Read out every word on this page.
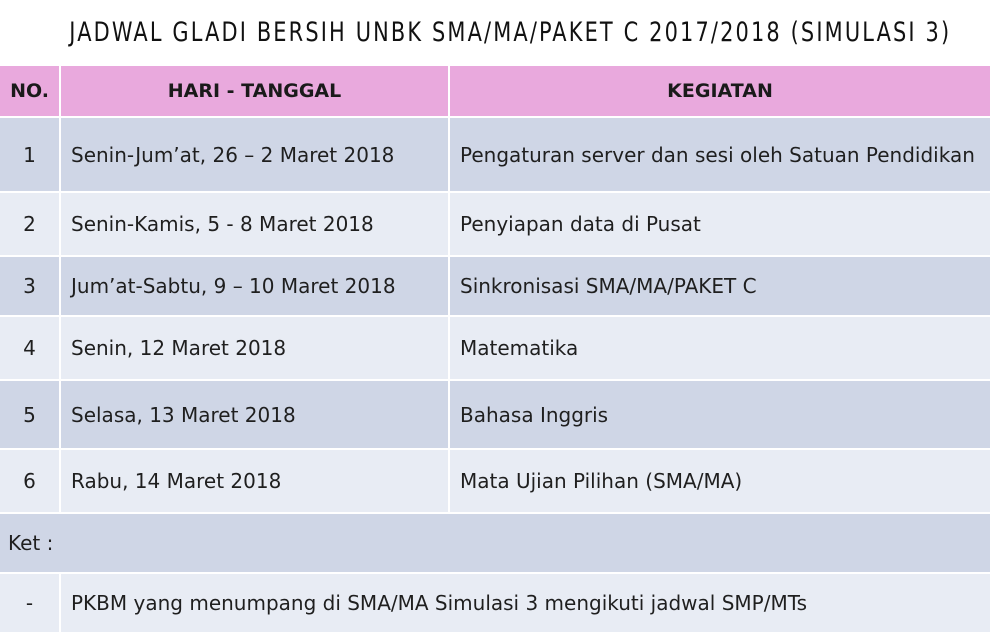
JADWAL GLADI BERSIH UNBK SMA/MA/PAKET C 2017/2018 (SIMULASI 3)
NO.	HARI - TANGGAL	KEGIATAN
1	Senin-Jum’at, 26 – 2 Maret 2018	Pengaturan server dan sesi oleh Satuan Pendidikan
2	Senin-Kamis, 5 - 8 Maret 2018	Penyiapan data di Pusat
3	Jum’at-Sabtu, 9 – 10 Maret 2018	Sinkronisasi SMA/MA/PAKET C
4	Senin, 12 Maret 2018	Matematika
5	Selasa, 13 Maret 2018	Bahasa Inggris
6	Rabu, 14 Maret 2018	Mata Ujian Pilihan (SMA/MA)
Ket :		
-	PKBM yang menumpang di SMA/MA Simulasi 3 mengikuti jadwal SMP/MTs	
